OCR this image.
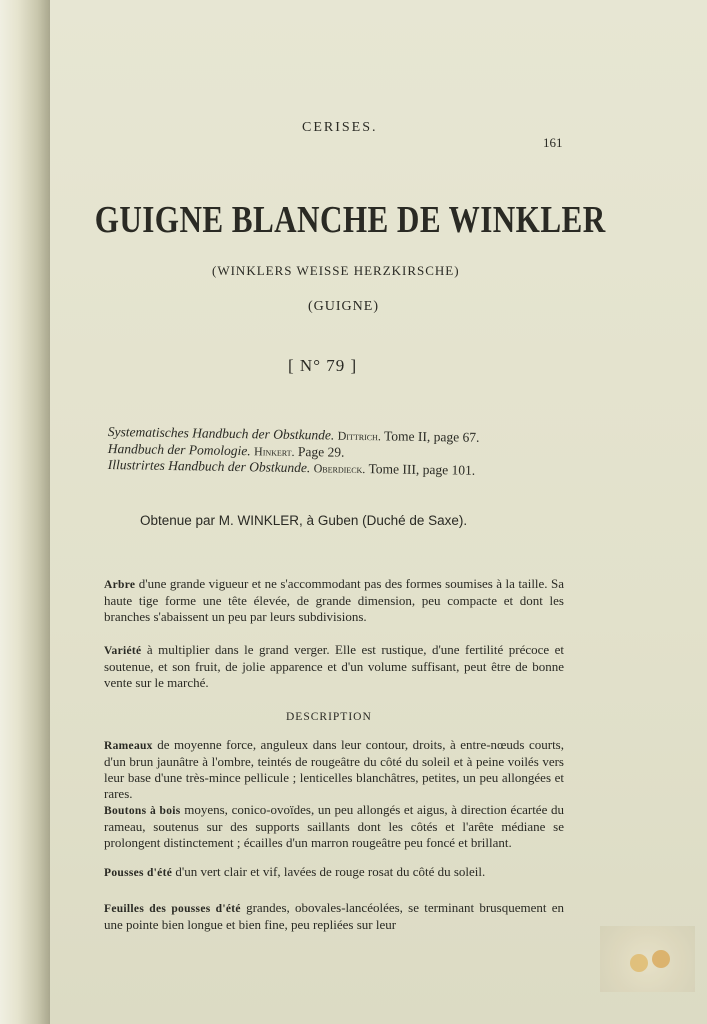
CERISES.
161
GUIGNE BLANCHE DE WINKLER
(WINKLERS WEISSE HERZKIRSCHE)
(GUIGNE)
[ N° 79 ]
Systematisches Handbuch der Obstkunde. Dittrich. Tome II, page 67.
Handbuch der Pomologie. Hinkert. Page 29.
Illustrirtes Handbuch der Obstkunde. Oberdieck. Tome III, page 101.
Obtenue par M. WINKLER, à Guben (Duché de Saxe).
Arbre d'une grande vigueur et ne s'accommodant pas des formes soumises à la taille. Sa haute tige forme une tête élevée, de grande dimension, peu compacte et dont les branches s'abaissent un peu par leurs subdivisions.
Variété à multiplier dans le grand verger. Elle est rustique, d'une fertilité précoce et soutenue, et son fruit, de jolie apparence et d'un volume suffisant, peut être de bonne vente sur le marché.
DESCRIPTION
Rameaux de moyenne force, anguleux dans leur contour, droits, à entre-nœuds courts, d'un brun jaunâtre à l'ombre, teintés de rougeâtre du côté du soleil et à peine voilés vers leur base d'une très-mince pellicule ; lenticelles blanchâtres, petites, un peu allongées et rares.
Boutons à bois moyens, conico-ovoïdes, un peu allongés et aigus, à direction écartée du rameau, soutenus sur des supports saillants dont les côtés et l'arête médiane se prolongent distinctement ; écailles d'un marron rougeâtre peu foncé et brillant.
Pousses d'été d'un vert clair et vif, lavées de rouge rosat du côté du soleil.
Feuilles des pousses d'été grandes, obovales-lancéolées, se terminant brusquement en une pointe bien longue et bien fine, peu repliées sur leur
